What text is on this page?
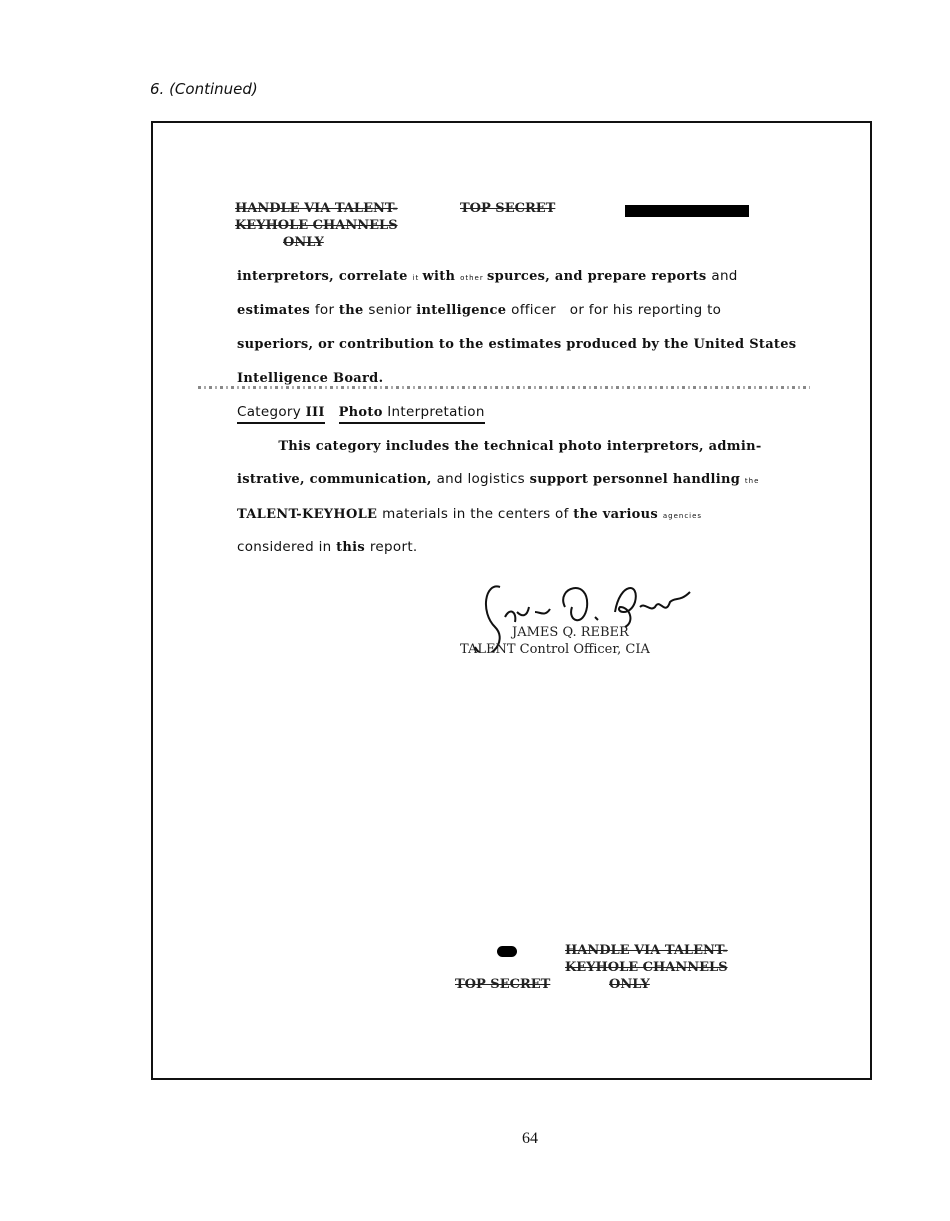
6. (Continued)
HANDLE VIA TALENT-
KEYHOLE CHANNELS
ONLY
TOP SECRET
interpretors, correlate it with other spurces, and prepare reports and
estimates for the senior intelligence officer   or for his reporting to
superiors, or contribution to the estimates produced by the United States
Intelligence Board.
Category III Photo Interpretation
This category includes the technical photo interpretors, admin-
istrative, communication, and logistics support personnel handling the
TALENT-KEYHOLE materials in the centers of the various agencies
considered in this report.
JAMES Q. REBER
TALENT Control Officer, CIA
HANDLE VIA TALENT-
KEYHOLE CHANNELS
ONLY
TOP SECRET
64
